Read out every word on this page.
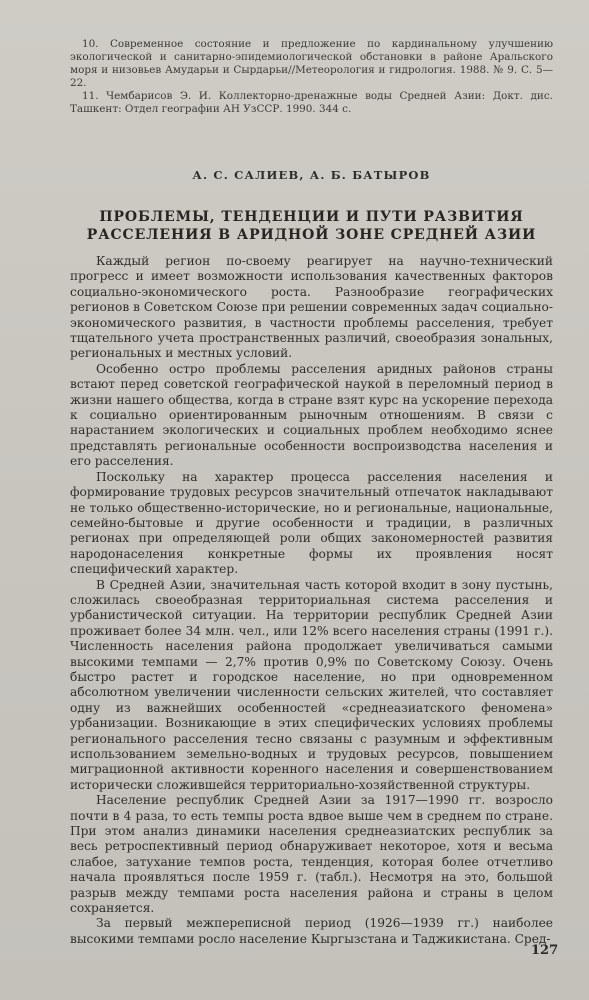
10. Современное состояние и предложение по кардинальному улучшению экологической и санитарно-эпидемиологической обстановки в районе Аральского моря и низовьев Амударьи и Сырдарьи//Метеорология и гидрология. 1988. № 9. С. 5—22.

11. Чембарисов Э. И. Коллекторно-дренажные воды Средней Азии: Докт. дис. Ташкент: Отдел географии АН УзССР. 1990. 344 с.

А. С. САЛИЕВ, А. Б. БАТЫРОВ
ПРОБЛЕМЫ, ТЕНДЕНЦИИ И ПУТИ РАЗВИТИЯ РАССЕЛЕНИЯ В АРИДНОЙ ЗОНЕ СРЕДНЕЙ АЗИИ

Каждый регион по-своему реагирует на научно-технический прогресс и имеет возможности использования качественных факторов социально-экономического роста. Разнообразие географических регионов в Советском Союзе при решении современных задач социально-экономического развития, в частности проблемы расселения, требует тщательного учета пространственных различий, своеобразия зональных, региональных и местных условий.

Особенно остро проблемы расселения аридных районов страны встают перед советской географической наукой в переломный период в жизни нашего общества, когда в стране взят курс на ускорение перехода к социально ориентированным рыночным отношениям. В связи с нарастанием экологических и социальных проблем необходимо яснее представлять региональные особенности воспроизводства населения и его расселения.

Поскольку на характер процесса расселения населения и формирование трудовых ресурсов значительный отпечаток накладывают не только общественно-исторические, но и региональные, национальные, семейно-бытовые и другие особенности и традиции, в различных регионах при определяющей роли общих закономерностей развития народонаселения конкретные формы их проявления носят специфический характер.

В Средней Азии, значительная часть которой входит в зону пустынь, сложилась своеобразная территориальная система расселения и урбанистической ситуации. На территории республик Средней Азии проживает более 34 млн. чел., или 12% всего населения страны (1991 г.). Численность населения района продолжает увеличиваться самыми высокими темпами — 2,7% против 0,9% по Советскому Союзу. Очень быстро растет и городское население, но при одновременном абсолютном увеличении численности сельских жителей, что составляет одну из важнейших особенностей «среднеазиатского феномена» урбанизации. Возникающие в этих специфических условиях проблемы регионального расселения тесно связаны с разумным и эффективным использованием земельно-водных и трудовых ресурсов, повышением миграционной активности коренного населения и совершенствованием исторически сложившейся территориально-хозяйственной структуры.

Население республик Средней Азии за 1917—1990 гг. возросло почти в 4 раза, то есть темпы роста вдвое выше чем в среднем по стране. При этом анализ динамики населения среднеазиатских республик за весь ретроспективный период обнаруживает некоторое, хотя и весьма слабое, затухание темпов роста, тенденция, которая более отчетливо начала проявляться после 1959 г. (табл.). Несмотря на это, большой разрыв между темпами роста населения района и страны в целом сохраняется.

За первый межпереписной период (1926—1939 гг.) наиболее высокими темпами росло население Кыргызстана и Таджикистана. Сред-

127
